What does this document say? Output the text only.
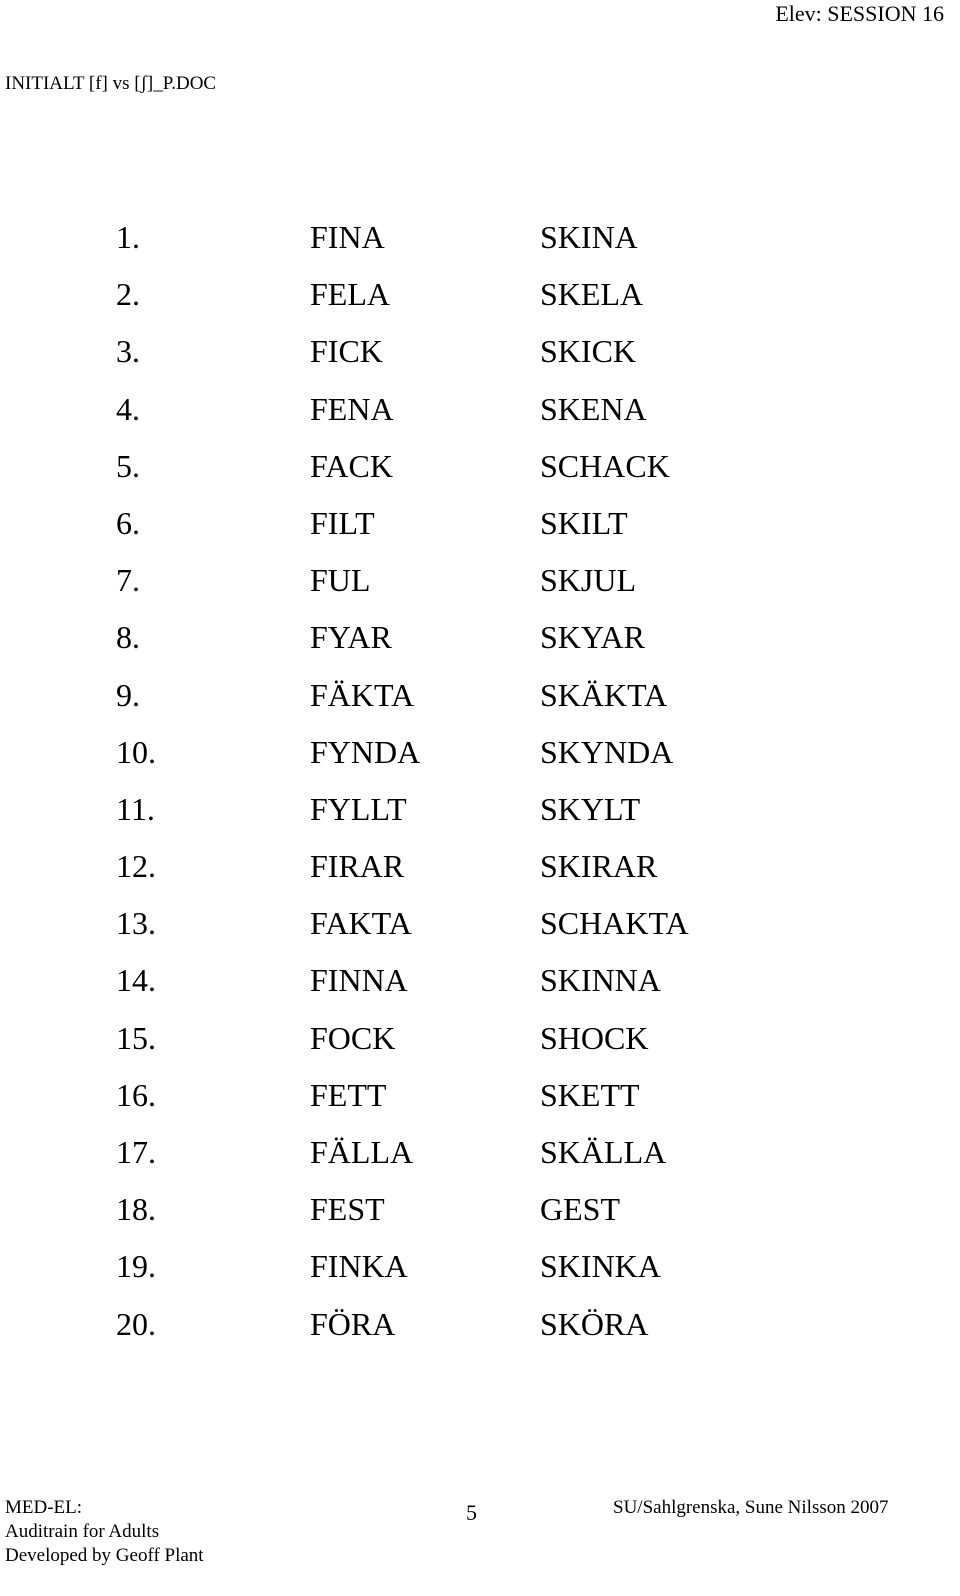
Elev: SESSION 16
INITIALT [f] vs [ʃ]_P.DOC
1.	FINA	SKINA
2.	FELA	SKELA
3.	FICK	SKICK
4.	FENA	SKENA
5.	FACK	SCHACK
6.	FILT	SKILT
7.	FUL	SKJUL
8.	FYAR	SKYAR
9.	FÄKTA	SKÄKTA
10.	FYNDA	SKYNDA
11.	FYLLT	SKYLT
12.	FIRAR	SKIRAR
13.	FAKTA	SCHAKTA
14.	FINNA	SKINNA
15.	FOCK	SHOCK
16.	FETT	SKETT
17.	FÄLLA	SKÄLLA
18.	FEST	GEST
19.	FINKA	SKINKA
20.	FÖRA	SKÖRA
MED-EL:
Auditrain for Adults
Developed by Geoff Plant
5	SU/Sahlgrenska, Sune Nilsson 2007
